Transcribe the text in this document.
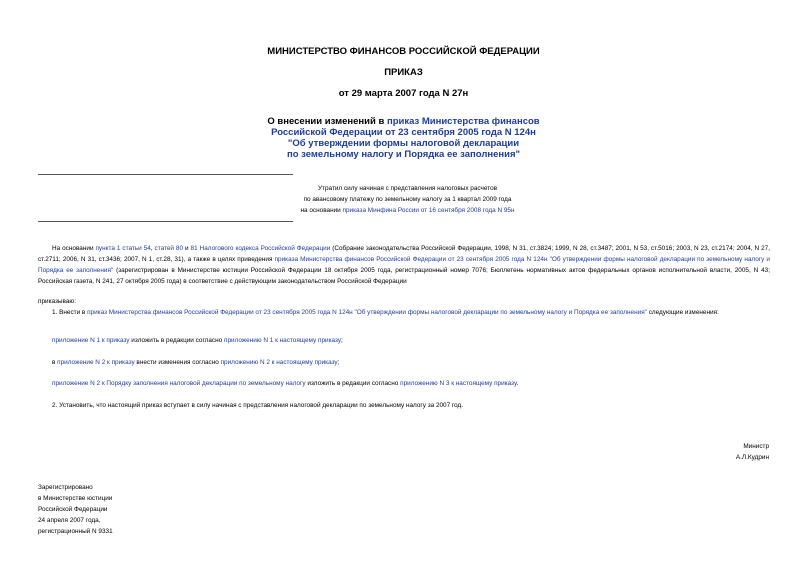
МИНИСТЕРСТВО ФИНАНСОВ РОССИЙСКОЙ ФЕДЕРАЦИИ
ПРИКАЗ
от 29 марта 2007 года N 27н
О внесении изменений в приказ Министерства финансов
Российской Федерации от 23 сентября 2005 года N 124н
"Об утверждении формы налоговой декларации
по земельному налогу и Порядка ее заполнения"
Утратил силу начиная с представления налоговых расчетов
по авансовому платежу по земельному налогу за 1 квартал 2009 года
на основании приказа Минфина России от 16 сентября 2008 года N 95н
На основании пункта 1 статьи 54, статей 80 и 81 Налогового кодекса Российской Федерации (Собрание законодательства Российской Федерации, 1998, N 31, ст.3824; 1999, N 28, ст.3487; 2001, N 53, ст.5016; 2003, N 23, ст.2174; 2004, N 27, ст.2711; 2006, N 31, ст.3436; 2007, N 1, ст.28, 31), а также в целях приведения приказа Министерства финансов Российской Федерации от 23 сентября 2005 года N 124н "Об утверждении формы налоговой декларации по земельному налогу и Порядка ее заполнения" (зарегистрирован в Министерстве юстиции Российской Федерации 18 октября 2005 года, регистрационный номер 7076; Бюллетень нормативных актов федеральных органов исполнительной власти, 2005, N 43; Российская газета, N 241, 27 октября 2005 года) в соответствие с действующим законодательством Российской Федерации
приказываю:
1. Внести в приказ Министерства финансов Российской Федерации от 23 сентября 2005 года N 124н "Об утверждении формы налоговой декларации по земельному налогу и Порядка ее заполнения" следующие изменения:
приложение N 1 к приказу изложить в редакции согласно приложению N 1 к настоящему приказу;
в приложение N 2 к приказу внести изменения согласно приложению N 2 к настоящему приказу;
приложение N 2 к Порядку заполнения налоговой декларации по земельному налогу изложить в редакции согласно приложению N 3 к настоящему приказу.
2. Установить, что настоящий приказ вступает в силу начиная с представления налоговой декларации по земельному налогу за 2007 год.
Министр
А.Л.Кудрин
Зарегистрировано
в Министерстве юстиции
Российской Федерации
24 апреля 2007 года,
регистрационный N 9331
